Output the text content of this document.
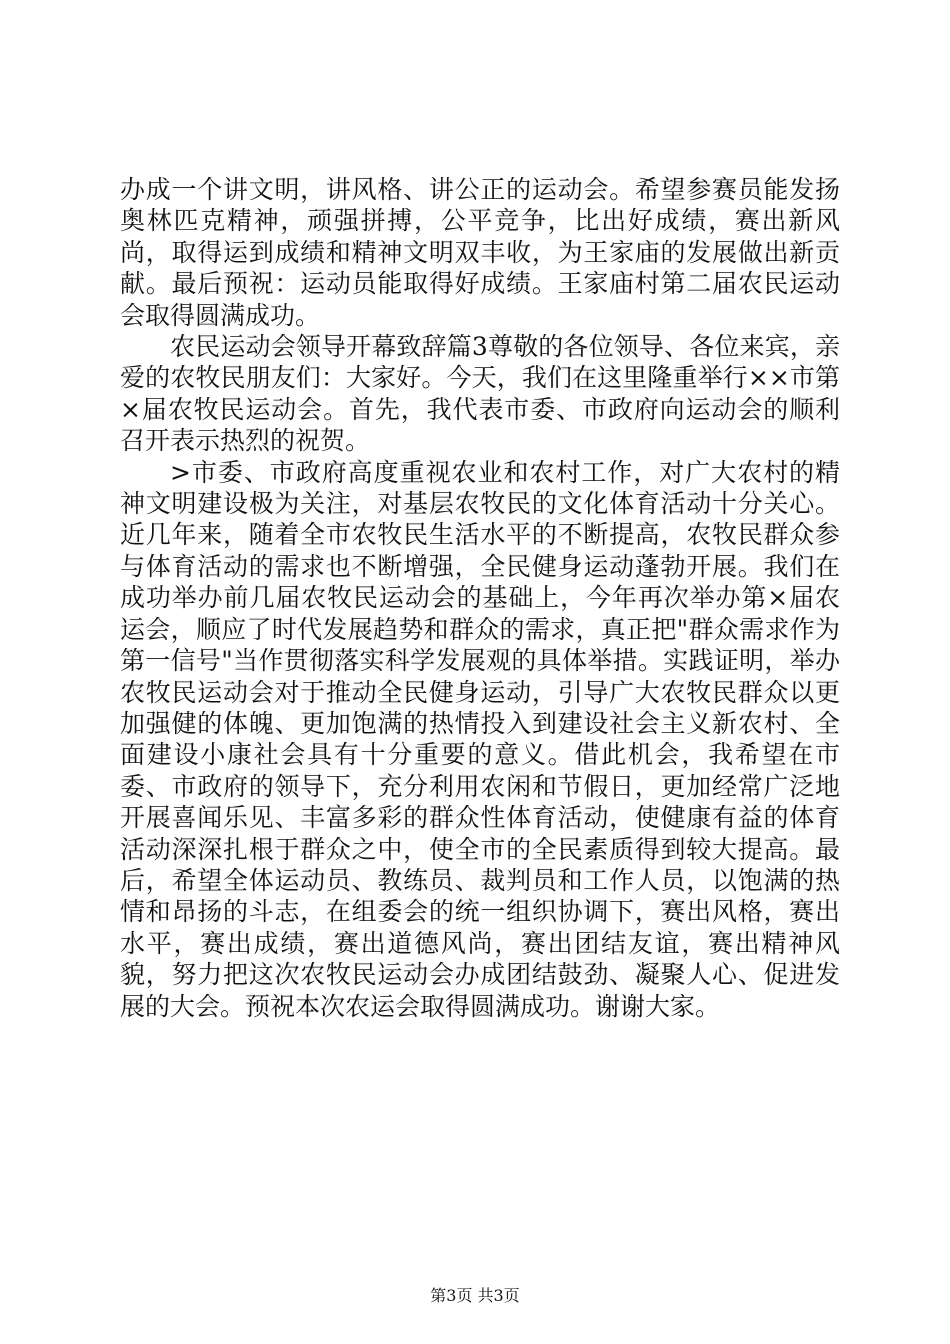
办成一个讲文明，讲风格、讲公正的运动会。希望参赛员能发扬奥林匹克精神，顽强拼搏，公平竞争，比出好成绩，赛出新风尚，取得运到成绩和精神文明双丰收，为王家庙的发展做出新贡献。最后预祝：运动员能取得好成绩。王家庙村第二届农民运动会取得圆满成功。

农民运动会领导开幕致辞篇3尊敬的各位领导、各位来宾，亲爱的农牧民朋友们：大家好。今天，我们在这里隆重举行××市第×届农牧民运动会。首先，我代表市委、市政府向运动会的顺利召开表示热烈的祝贺。

>市委、市政府高度重视农业和农村工作，对广大农村的精神文明建设极为关注，对基层农牧民的文化体育活动十分关心。近几年来，随着全市农牧民生活水平的不断提高，农牧民群众参与体育活动的需求也不断增强，全民健身运动蓬勃开展。我们在成功举办前几届农牧民运动会的基础上，今年再次举办第×届农运会，顺应了时代发展趋势和群众的需求，真正把"群众需求作为第一信号"当作贯彻落实科学发展观的具体举措。实践证明，举办农牧民运动会对于推动全民健身运动，引导广大农牧民群众以更加强健的体魄、更加饱满的热情投入到建设社会主义新农村、全面建设小康社会具有十分重要的意义。借此机会，我希望在市委、市政府的领导下，充分利用农闲和节假日，更加经常广泛地开展喜闻乐见、丰富多彩的群众性体育活动，使健康有益的体育活动深深扎根于群众之中，使全市的全民素质得到较大提高。最后，希望全体运动员、教练员、裁判员和工作人员，以饱满的热情和昂扬的斗志，在组委会的统一组织协调下，赛出风格，赛出水平，赛出成绩，赛出道德风尚，赛出团结友谊，赛出精神风貌，努力把这次农牧民运动会办成团结鼓劲、凝聚人心、促进发展的大会。预祝本次农运会取得圆满成功。谢谢大家。

第3页 共3页
